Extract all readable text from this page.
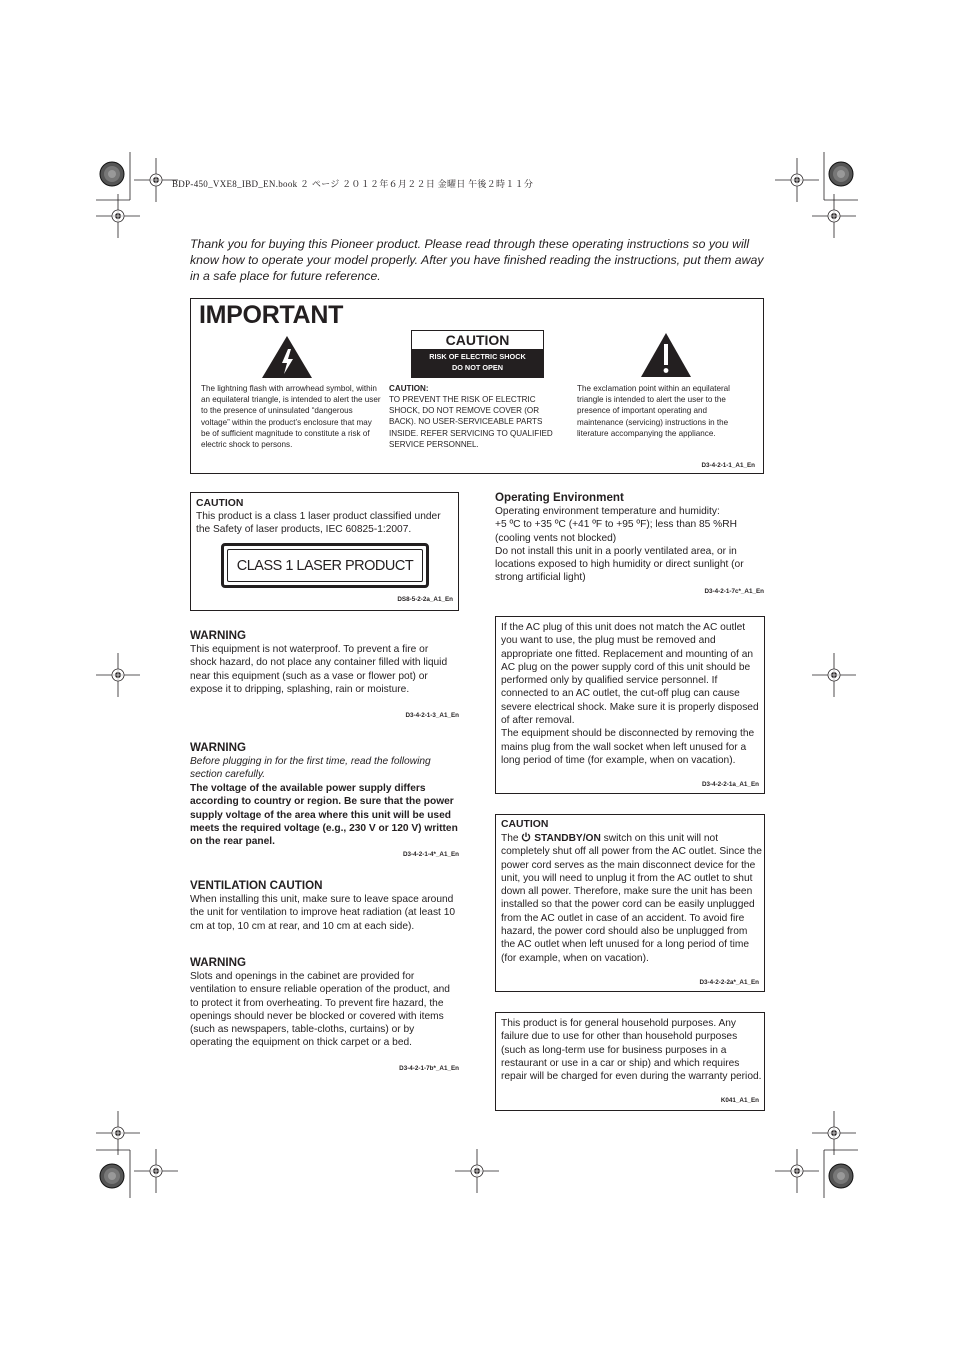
BDP-450_VXE8_IBD_EN.book ２ ページ ２０１２年６月２２日 金曜日 午後２時１１分
Thank you for buying this Pioneer product. Please read through these operating instructions so you will know how to operate your model properly. After you have finished reading the instructions, put them away in a safe place for future reference.
IMPORTANT
The lightning flash with arrowhead symbol, within an equilateral triangle, is intended to alert the user to the presence of uninsulated “dangerous voltage” within the product’s enclosure that may be of sufficient magnitude to constitute a risk of electric shock to persons.
CAUTION
RISK OF ELECTRIC SHOCK
DO NOT OPEN
CAUTION:
TO PREVENT THE RISK OF ELECTRIC SHOCK, DO NOT REMOVE COVER (OR BACK). NO USER-SERVICEABLE PARTS INSIDE. REFER SERVICING TO QUALIFIED SERVICE PERSONNEL.
The exclamation point within an equilateral triangle is intended to alert the user to the presence of important operating and maintenance (servicing) instructions in the literature accompanying the appliance.
D3-4-2-1-1_A1_En
CAUTION
This product is a class 1 laser product classified under the Safety of laser products, IEC 60825-1:2007.
CLASS 1 LASER PRODUCT
DS8-5-2-2a_A1_En
WARNING
This equipment is not waterproof. To prevent a fire or shock hazard, do not place any container filled with liquid near this equipment (such as a vase or flower pot) or expose it to dripping, splashing, rain or moisture.
D3-4-2-1-3_A1_En
WARNING
Before plugging in for the first time, read the following section carefully.
The voltage of the available power supply differs according to country or region. Be sure that the power supply voltage of the area where this unit will be used meets the required voltage (e.g., 230 V or 120 V) written on the rear panel.
D3-4-2-1-4*_A1_En
VENTILATION CAUTION
When installing this unit, make sure to leave space around the unit for ventilation to improve heat radiation (at least 10 cm at top, 10 cm at rear, and 10 cm at each side).
WARNING
Slots and openings in the cabinet are provided for ventilation to ensure reliable operation of the product, and to protect it from overheating. To prevent fire hazard, the openings should never be blocked or covered with items (such as newspapers, table-cloths, curtains) or by operating the equipment on thick carpet or a bed.
D3-4-2-1-7b*_A1_En
Operating Environment
Operating environment temperature and humidity:
+5 ºC to +35 ºC (+41 ºF to +95 ºF); less than 85 %RH (cooling vents not blocked)
Do not install this unit in a poorly ventilated area, or in locations exposed to high humidity or direct sunlight (or strong artificial light)
D3-4-2-1-7c*_A1_En
If the AC plug of this unit does not match the AC outlet you want to use, the plug must be removed and appropriate one fitted. Replacement and mounting of an AC plug on the power supply cord of this unit should be performed only by qualified service personnel. If connected to an AC outlet, the cut-off plug can cause severe electrical shock. Make sure it is properly disposed of after removal.
The equipment should be disconnected by removing the mains plug from the wall socket when left unused for a long period of time (for example, when on vacation).
D3-4-2-2-1a_A1_En
CAUTION
The  STANDBY/ON switch on this unit will not completely shut off all power from the AC outlet. Since the power cord serves as the main disconnect device for the unit, you will need to unplug it from the AC outlet to shut down all power. Therefore, make sure the unit has been installed so that the power cord can be easily unplugged from the AC outlet in case of an accident. To avoid fire hazard, the power cord should also be unplugged from the AC outlet when left unused for a long period of time (for example, when on vacation).
D3-4-2-2-2a*_A1_En
This product is for general household purposes. Any failure due to use for other than household purposes (such as long-term use for business purposes in a restaurant or use in a car or ship) and which requires repair will be charged for even during the warranty period.
K041_A1_En
